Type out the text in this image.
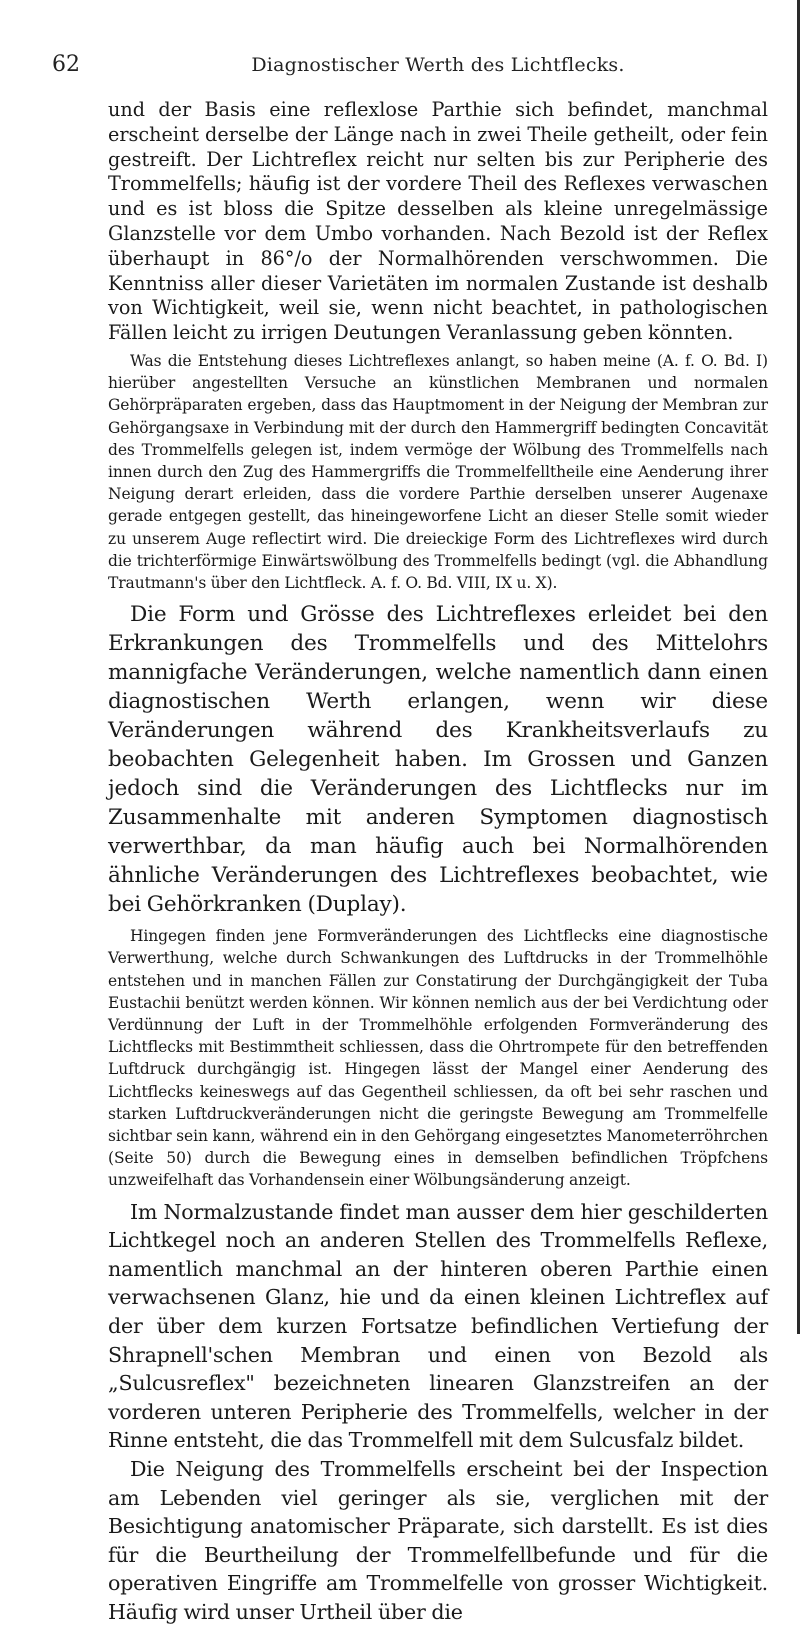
62	Diagnostischer Werth des Lichtflecks.

und der Basis eine reflexlose Parthie sich befindet, manchmal erscheint derselbe der Länge nach in zwei Theile getheilt, oder fein gestreift. Der Lichtreflex reicht nur selten bis zur Peripherie des Trommelfells; häufig ist der vordere Theil des Reflexes verwaschen und es ist bloss die Spitze desselben als kleine unregelmässige Glanzstelle vor dem Umbo vorhanden. Nach Bezold ist der Reflex überhaupt in 86°/o der Normalhörenden verschwommen. Die Kenntniss aller dieser Varietäten im normalen Zustande ist deshalb von Wichtigkeit, weil sie, wenn nicht beachtet, in pathologischen Fällen leicht zu irrigen Deutungen Veranlassung geben könnten.

Was die Entstehung dieses Lichtreflexes anlangt, so haben meine (A. f. O. Bd. I) hierüber angestellten Versuche an künstlichen Membranen und normalen Gehörpräparaten ergeben, dass das Hauptmoment in der Neigung der Membran zur Gehörgangsaxe in Verbindung mit der durch den Hammergriff bedingten Concavität des Trommelfells gelegen ist, indem vermöge der Wölbung des Trommelfells nach innen durch den Zug des Hammergriffs die Trommelfelltheile eine Aenderung ihrer Neigung derart erleiden, dass die vordere Parthie derselben unserer Augenaxe gerade entgegen gestellt, das hineingeworfene Licht an dieser Stelle somit wieder zu unserem Auge reflectirt wird. Die dreieckige Form des Lichtreflexes wird durch die trichterförmige Einwärtswölbung des Trommelfells bedingt (vgl. die Abhandlung Trautmann's über den Lichtfleck. A. f. O. Bd. VIII, IX u. X).

Die Form und Grösse des Lichtreflexes erleidet bei den Erkrankungen des Trommelfells und des Mittelohrs mannigfache Veränderungen, welche namentlich dann einen diagnostischen Werth erlangen, wenn wir diese Veränderungen während des Krankheitsverlaufs zu beobachten Gelegenheit haben. Im Grossen und Ganzen jedoch sind die Veränderungen des Lichtflecks nur im Zusammenhalte mit anderen Symptomen diagnostisch verwerthbar, da man häufig auch bei Normalhörenden ähnliche Veränderungen des Lichtreflexes beobachtet, wie bei Gehörkranken (Duplay).

Hingegen finden jene Formveränderungen des Lichtflecks eine diagnostische Verwerthung, welche durch Schwankungen des Luftdrucks in der Trommelhöhle entstehen und in manchen Fällen zur Constatirung der Durchgängigkeit der Tuba Eustachii benützt werden können. Wir können nemlich aus der bei Verdichtung oder Verdünnung der Luft in der Trommelhöhle erfolgenden Formveränderung des Lichtflecks mit Bestimmtheit schliessen, dass die Ohrtrompete für den betreffenden Luftdruck durchgängig ist. Hingegen lässt der Mangel einer Aenderung des Lichtflecks keineswegs auf das Gegentheil schliessen, da oft bei sehr raschen und starken Luftdruckveränderungen nicht die geringste Bewegung am Trommelfelle sichtbar sein kann, während ein in den Gehörgang eingesetztes Manometerröhrchen (Seite 50) durch die Bewegung eines in demselben befindlichen Tröpfchens unzweifelhaft das Vorhandensein einer Wölbungsänderung anzeigt.

Im Normalzustande findet man ausser dem hier geschilderten Lichtkegel noch an anderen Stellen des Trommelfells Reflexe, namentlich manchmal an der hinteren oberen Parthie einen verwachsenen Glanz, hie und da einen kleinen Lichtreflex auf der über dem kurzen Fortsatze befindlichen Vertiefung der Shrapnell'schen Membran und einen von Bezold als „Sulcusreflex" bezeichneten linearen Glanzstreifen an der vorderen unteren Peripherie des Trommelfells, welcher in der Rinne entsteht, die das Trommelfell mit dem Sulcusfalz bildet.

Die Neigung des Trommelfells erscheint bei der Inspection am Lebenden viel geringer als sie, verglichen mit der Besichtigung anatomischer Präparate, sich darstellt. Es ist dies für die Beurtheilung der Trommelfellbefunde und für die operativen Eingriffe am Trommelfelle von grosser Wichtigkeit. Häufig wird unser Urtheil über die
